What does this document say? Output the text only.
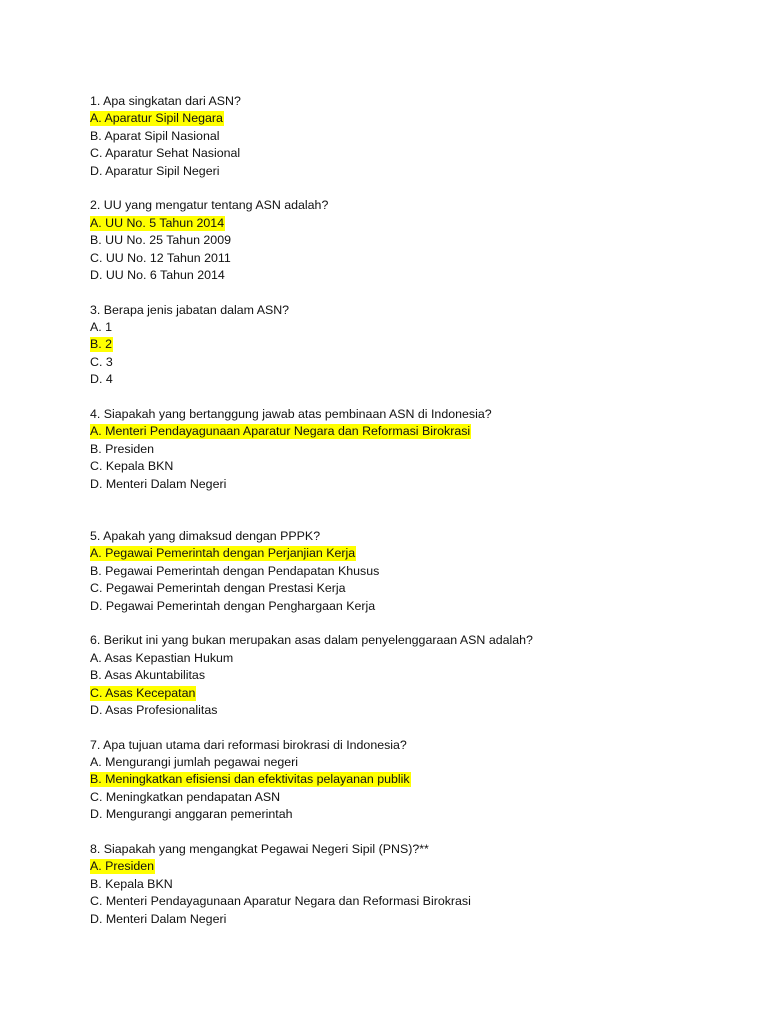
1. Apa singkatan dari ASN?
A. Aparatur Sipil Negara
B. Aparat Sipil Nasional
C. Aparatur Sehat Nasional
D. Aparatur Sipil Negeri
2. UU yang mengatur tentang ASN adalah?
A. UU No. 5 Tahun 2014
B. UU No. 25 Tahun 2009
C. UU No. 12 Tahun 2011
D. UU No. 6 Tahun 2014
3. Berapa jenis jabatan dalam ASN?
A. 1
B. 2
C. 3
D. 4
4. Siapakah yang bertanggung jawab atas pembinaan ASN di Indonesia?
A. Menteri Pendayagunaan Aparatur Negara dan Reformasi Birokrasi
B. Presiden
C. Kepala BKN
D. Menteri Dalam Negeri
5. Apakah yang dimaksud dengan PPPK?
A. Pegawai Pemerintah dengan Perjanjian Kerja
B. Pegawai Pemerintah dengan Pendapatan Khusus
C. Pegawai Pemerintah dengan Prestasi Kerja
D. Pegawai Pemerintah dengan Penghargaan Kerja
6. Berikut ini yang bukan merupakan asas dalam penyelenggaraan ASN adalah?
A. Asas Kepastian Hukum
B. Asas Akuntabilitas
C. Asas Kecepatan
D. Asas Profesionalitas
7. Apa tujuan utama dari reformasi birokrasi di Indonesia?
A. Mengurangi jumlah pegawai negeri
B. Meningkatkan efisiensi dan efektivitas pelayanan publik
C. Meningkatkan pendapatan ASN
D. Mengurangi anggaran pemerintah
8. Siapakah yang mengangkat Pegawai Negeri Sipil (PNS)?**
A. Presiden
B. Kepala BKN
C. Menteri Pendayagunaan Aparatur Negara dan Reformasi Birokrasi
D. Menteri Dalam Negeri
